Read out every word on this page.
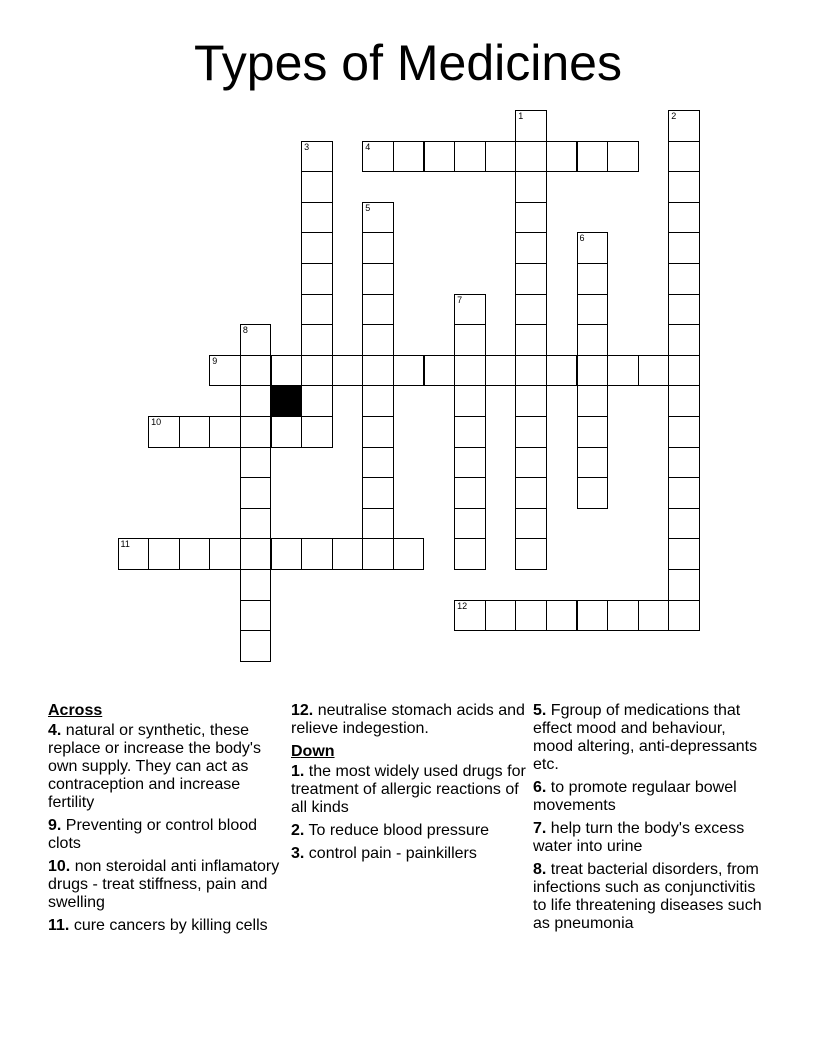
Types of Medicines
1	2
3	4
5
6
7
8
9
10
11
12
Across
4. natural or synthetic, these replace or increase the body's own supply. They can act as contraception and increase fertility
9. Preventing or control blood clots
10. non steroidal anti inflamatory drugs - treat stiffness, pain and swelling
11. cure cancers by killing cells
12. neutralise stomach acids and relieve indegestion.
Down
1. the most widely used drugs for treatment of allergic reactions of all kinds
2. To reduce blood pressure
3. control pain - painkillers
5. Fgroup of medications that effect mood and behaviour, mood altering, anti-depressants etc.
6. to promote regulaar bowel movements
7. help turn the body's excess water into urine
8. treat bacterial disorders, from infections such as conjunctivitis to life threatening diseases such as pneumonia
